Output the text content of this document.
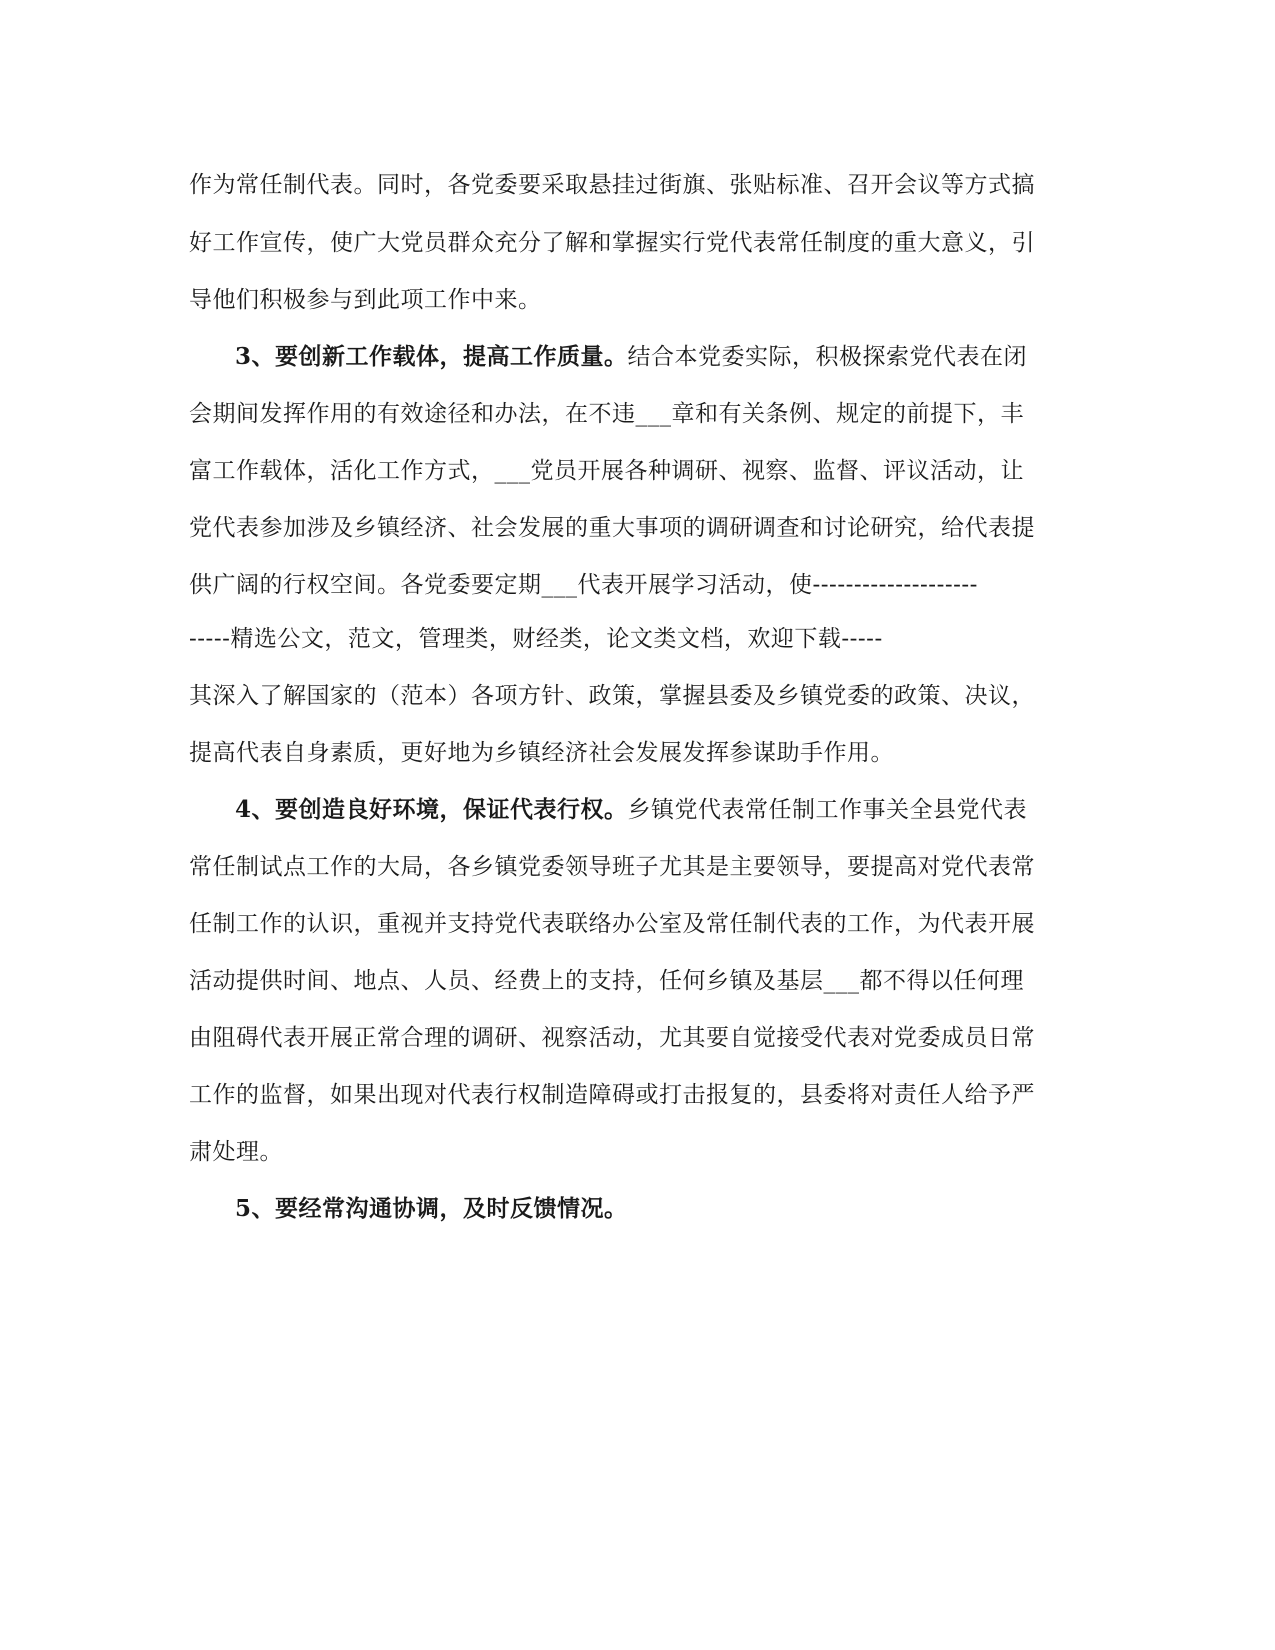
作为常任制代表。同时，各党委要采取悬挂过街旗、张贴标准、召开会议等方式搞
好工作宣传，使广大党员群众充分了解和掌握实行党代表常任制度的重大意义，引
导他们积极参与到此项工作中来。
3、要创新工作载体，提高工作质量。结合本党委实际，积极探索党代表在闭
会期间发挥作用的有效途径和办法，在不违___章和有关条例、规定的前提下，丰
富工作载体，活化工作方式，___党员开展各种调研、视察、监督、评议活动，让
党代表参加涉及乡镇经济、社会发展的重大事项的调研调查和讨论研究，给代表提
供广阔的行权空间。各党委要定期___代表开展学习活动，使--------------------
-----精选公文，范文，管理类，财经类，论文类文档，欢迎下载-----
其深入了解国家的（范本）各项方针、政策，掌握县委及乡镇党委的政策、决议，
提高代表自身素质，更好地为乡镇经济社会发展发挥参谋助手作用。
4、要创造良好环境，保证代表行权。乡镇党代表常任制工作事关全县党代表
常任制试点工作的大局，各乡镇党委领导班子尤其是主要领导，要提高对党代表常
任制工作的认识，重视并支持党代表联络办公室及常任制代表的工作，为代表开展
活动提供时间、地点、人员、经费上的支持，任何乡镇及基层___都不得以任何理
由阻碍代表开展正常合理的调研、视察活动，尤其要自觉接受代表对党委成员日常
工作的监督，如果出现对代表行权制造障碍或打击报复的，县委将对责任人给予严
肃处理。
5、要经常沟通协调，及时反馈情况。
